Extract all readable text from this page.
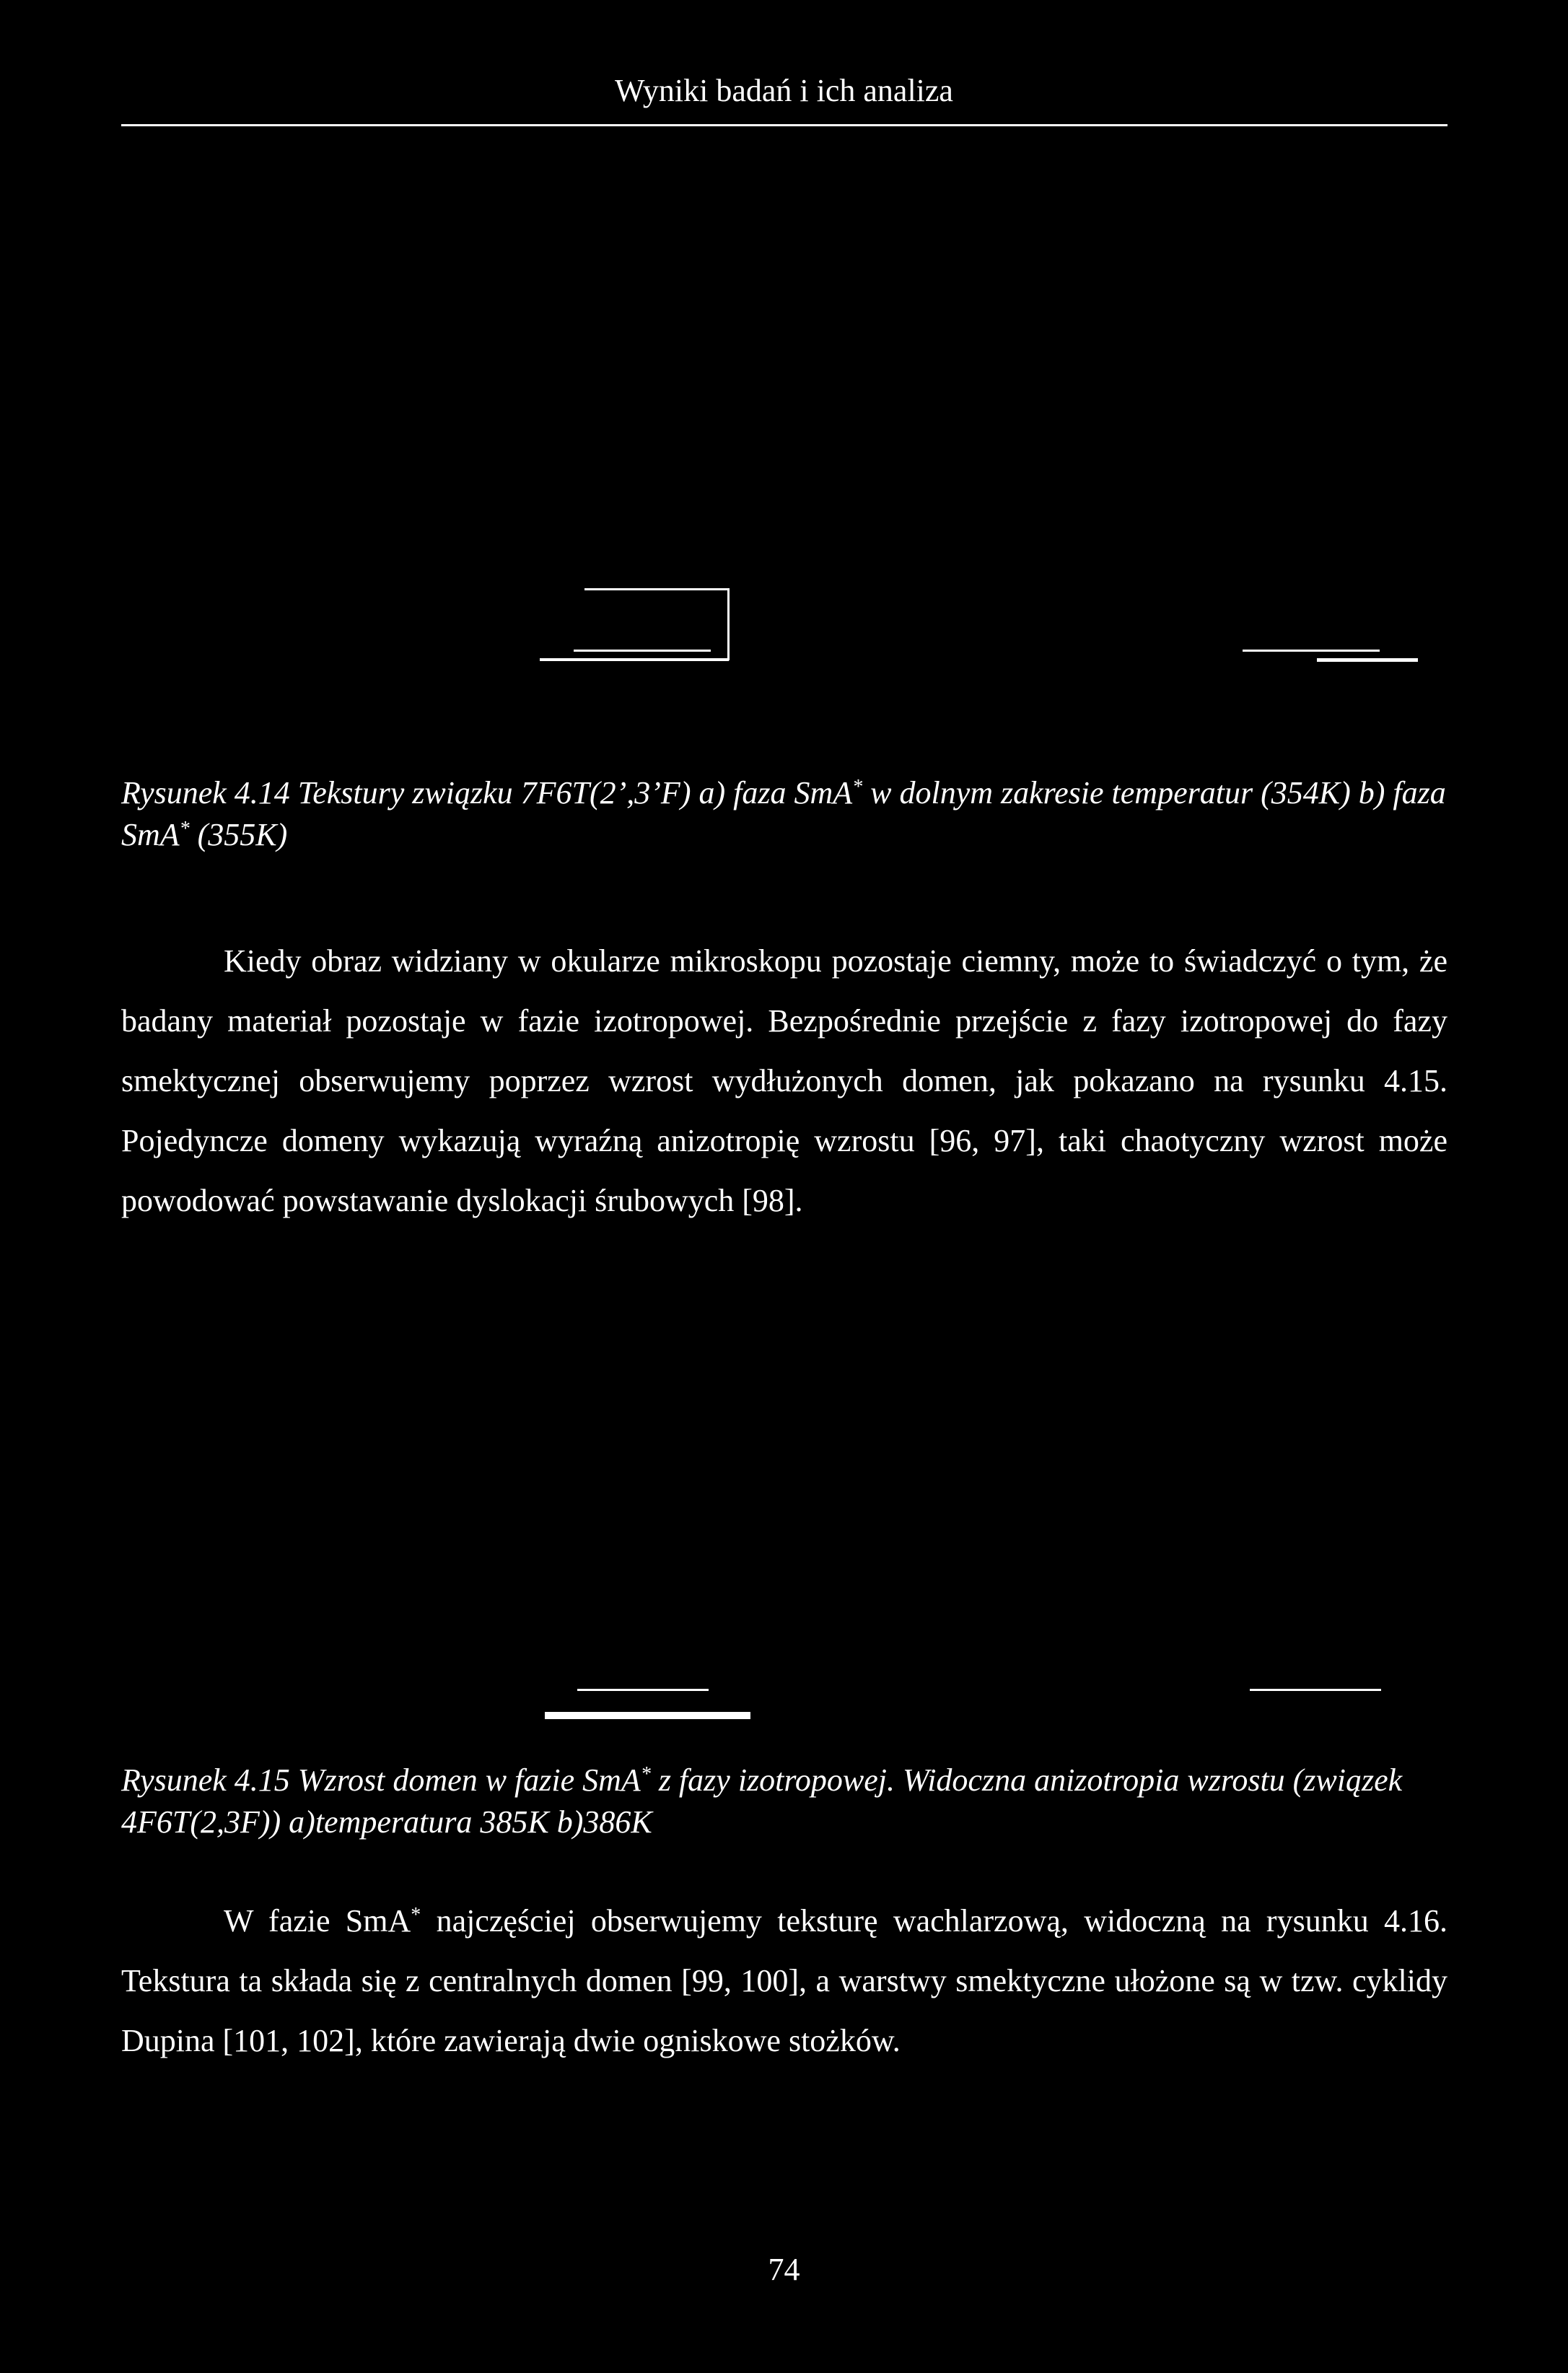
Wyniki badań i ich analiza
Rysunek 4.14 Tekstury związku 7F6T(2’,3’F) a) faza SmA* w dolnym zakresie temperatur (354K) b) faza SmA* (355K)
Kiedy obraz widziany w okularze mikroskopu pozostaje ciemny, może to świadczyć o tym, że badany materiał pozostaje w fazie izotropowej. Bezpośrednie przejście z fazy izotropowej do fazy smektycznej obserwujemy poprzez wzrost wydłużonych domen, jak pokazano na rysunku 4.15. Pojedyncze domeny wykazują wyraźną anizotropię wzrostu [96, 97], taki chaotyczny wzrost może powodować powstawanie dyslokacji śrubowych [98].
Rysunek 4.15 Wzrost domen w fazie SmA* z fazy izotropowej. Widoczna anizotropia wzrostu (związek 4F6T(2,3F)) a)temperatura 385K b)386K
W fazie SmA* najczęściej obserwujemy teksturę wachlarzową, widoczną na rysunku 4.16. Tekstura ta składa się z centralnych domen [99, 100], a warstwy smektyczne ułożone są w tzw. cyklidy Dupina [101, 102], które zawierają dwie ogniskowe stożków.
74
